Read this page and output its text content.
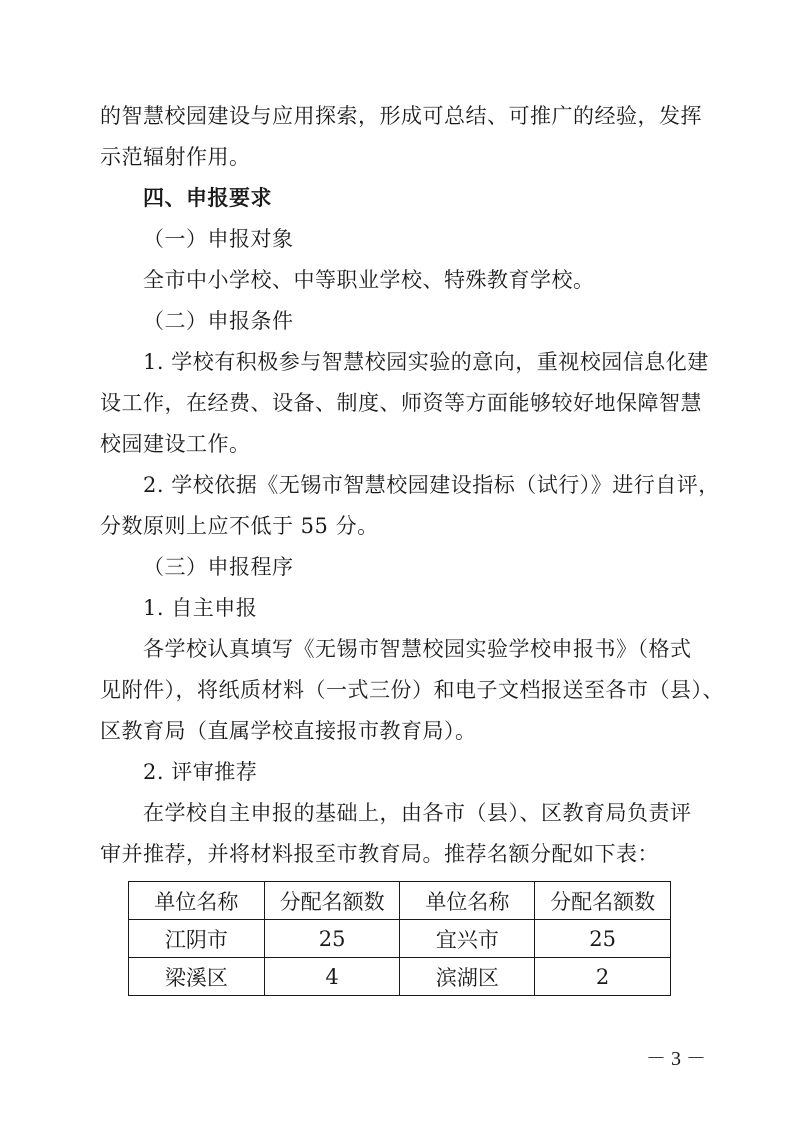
的智慧校园建设与应用探索，形成可总结、可推广的经验，发挥
示范辐射作用。
四、申报要求
（一）申报对象
全市中小学校、中等职业学校、特殊教育学校。
（二）申报条件
1. 学校有积极参与智慧校园实验的意向，重视校园信息化建
设工作，在经费、设备、制度、师资等方面能够较好地保障智慧
校园建设工作。
2. 学校依据《无锡市智慧校园建设指标（试行）》进行自评，
分数原则上应不低于 55 分。
（三）申报程序
1. 自主申报
各学校认真填写《无锡市智慧校园实验学校申报书》（格式
见附件），将纸质材料（一式三份）和电子文档报送至各市（县）、
区教育局（直属学校直接报市教育局）。
2. 评审推荐
在学校自主申报的基础上，由各市（县）、区教育局负责评
单位名称	分配名额数	单位名称	分配名额数
江阴市	25	宜兴市	25
梁溪区	4	滨湖区	2
－ 3 －
审并推荐，并将材料报至市教育局。推荐名额分配如下表：
